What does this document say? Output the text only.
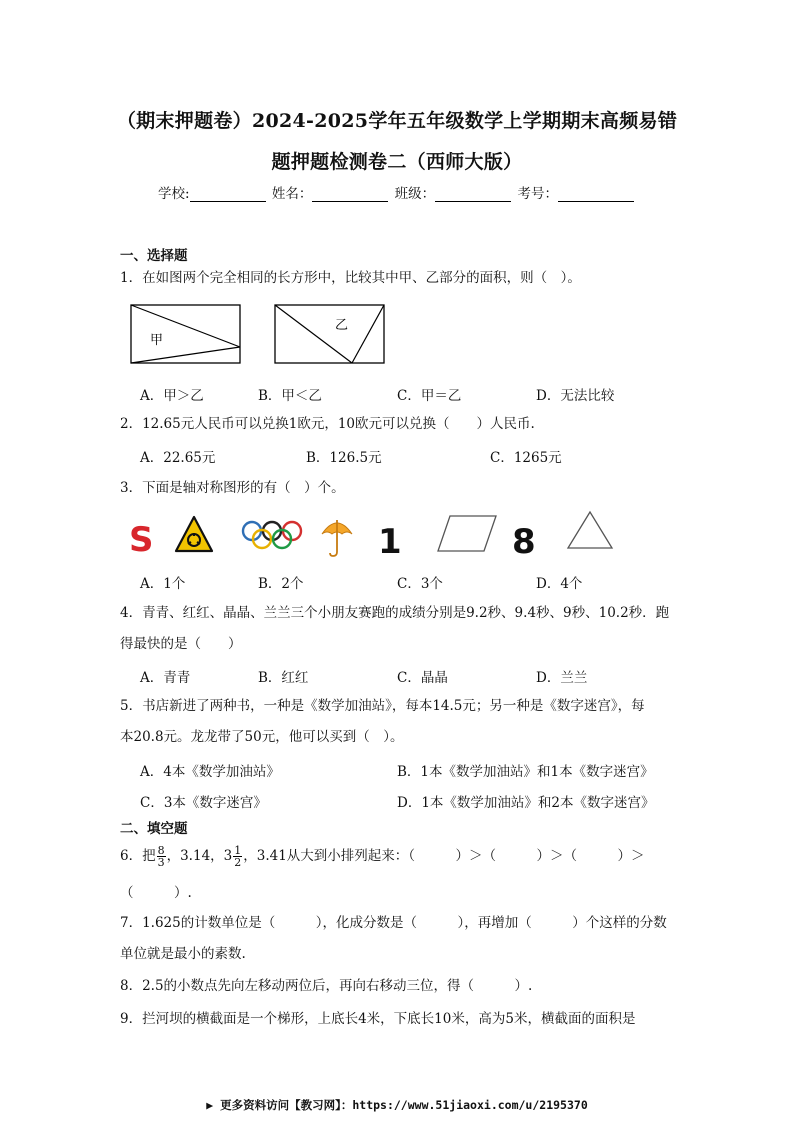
（期末押题卷）2024-2025学年五年级数学上学期期末高频易错
题押题检测卷二（西师大版）
学校:	姓名：	班级：	考号：
一、选择题
1．在如图两个完全相同的长方形中，比较其中甲、乙部分的面积，则（　）。
甲
乙
A．甲＞乙	B．甲＜乙	C．甲＝乙	D．无法比较
2．12.65元人民币可以兑换1欧元，10欧元可以兑换（　　）人民币.
A．22.65元	B．126.5元	C．1265元
3．下面是轴对称图形的有（　）个。
S	1	8
A．1个	B．2个	C．3个	D．4个
4．青青、红红、晶晶、兰兰三个小朋友赛跑的成绩分别是9.2秒、9.4秒、9秒、10.2秒．跑
得最快的是（　　）
A．青青	B．红红	C．晶晶	D．兰兰
5．书店新进了两种书，一种是《数学加油站》，每本14.5元；另一种是《数字迷宫》，每
本20.8元。龙龙带了50元，他可以买到（　）。
A．4本《数学加油站》	B．1本《数学加油站》和1本《数字迷宫》
C．3本《数字迷宫》	D．1本《数学加油站》和2本《数字迷宫》
二、填空题
6．把 $\frac{8}{3}$ ，3.14，$3 \frac{1}{2}$ ，3.41从大到小排列起来：（　　　）＞（　　　）＞（　　　）＞
（　　　）.
7．1.625的计数单位是（　　　），化成分数是（　　　），再增加（　　　）个这样的分数
单位就是最小的素数.
8．2.5的小数点先向左移动两位后，再向右移动三位，得（　　　）.
9．拦河坝的横截面是一个梯形，上底长4米，下底长10米，高为5米，横截面的面积是
▶ 更多资料访问【教习网】：https://www.51jiaoxi.com/u/2195370
